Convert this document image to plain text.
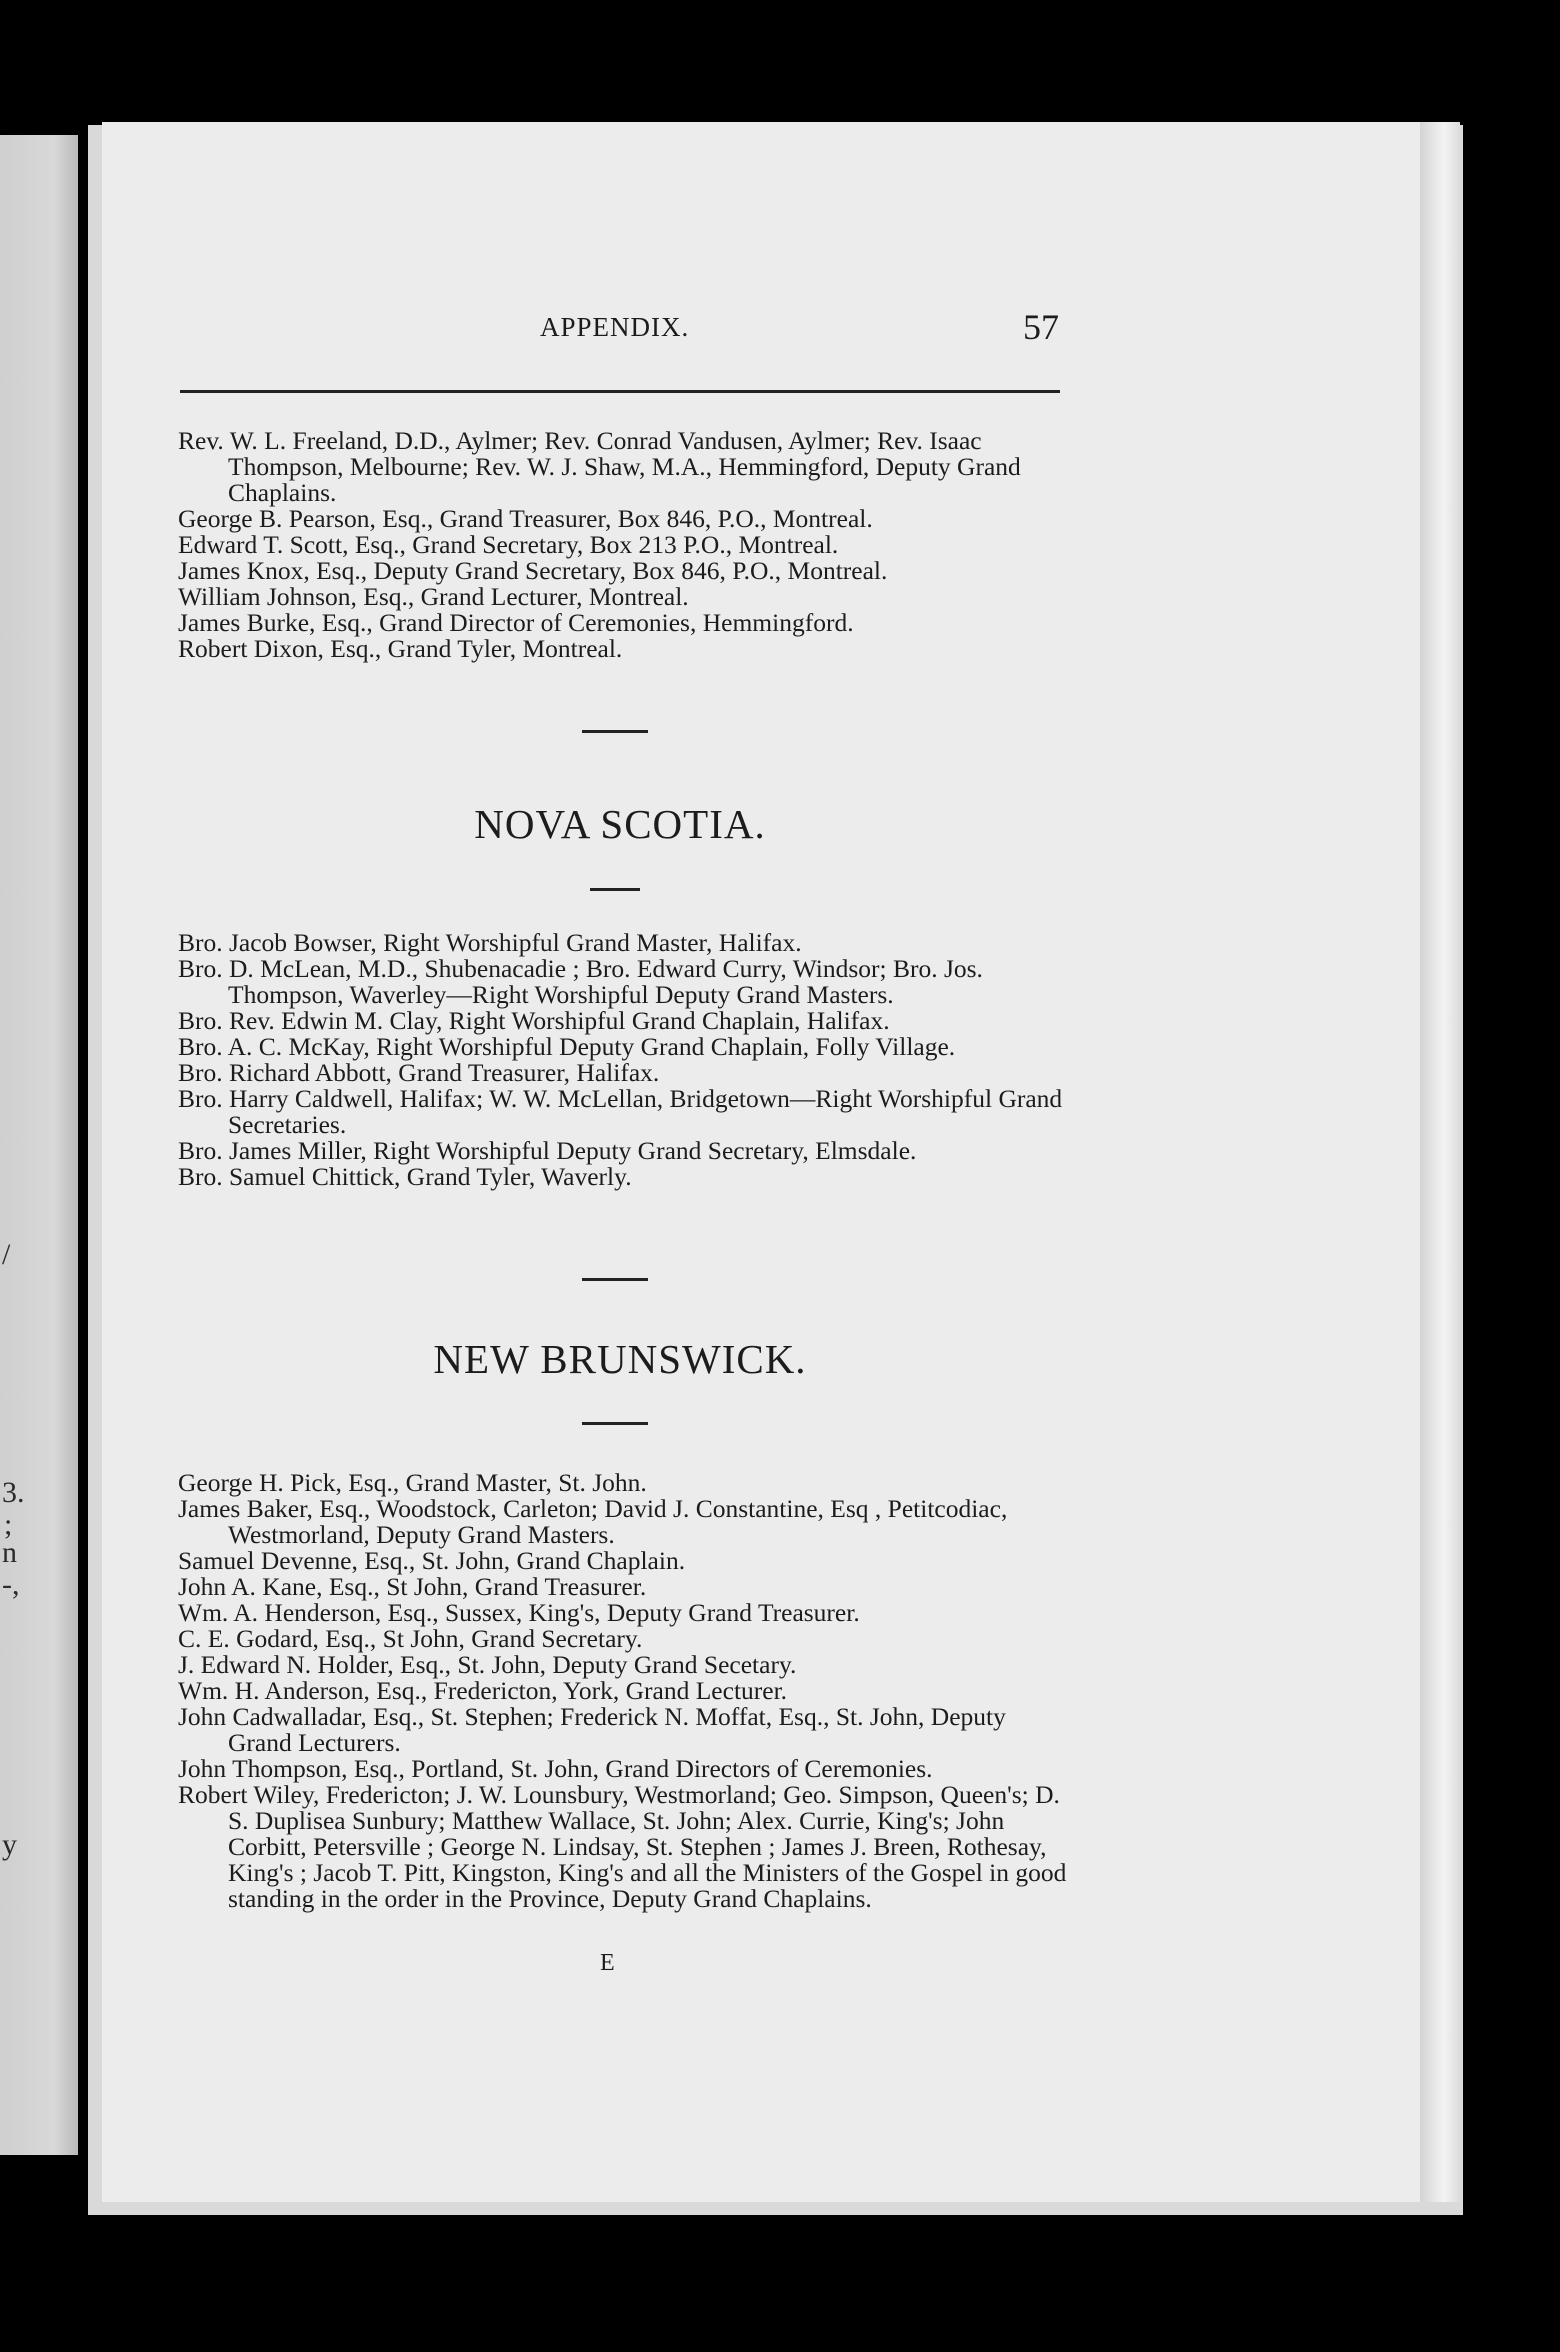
/
3.
;
n
-,
y
APPENDIX.	57

Rev. W. L. Freeland, D.D., Aylmer; Rev. Conrad Vandusen, Aylmer; Rev. Isaac Thompson, Melbourne; Rev. W. J. Shaw, M.A., Hemmingford, Deputy Grand Chaplains.

George B. Pearson, Esq., Grand Treasurer, Box 846, P.O., Montreal.

Edward T. Scott, Esq., Grand Secretary, Box 213 P.O., Montreal.

James Knox, Esq., Deputy Grand Secretary, Box 846, P.O., Montreal.

William Johnson, Esq., Grand Lecturer, Montreal.

James Burke, Esq., Grand Director of Ceremonies, Hemmingford.

Robert Dixon, Esq., Grand Tyler, Montreal.

NOVA SCOTIA.

Bro. Jacob Bowser, Right Worshipful Grand Master, Halifax.

Bro. D. McLean, M.D., Shubenacadie ; Bro. Edward Curry, Windsor; Bro. Jos. Thompson, Waverley—Right Worshipful Deputy Grand Masters.

Bro. Rev. Edwin M. Clay, Right Worshipful Grand Chaplain, Halifax.

Bro. A. C. McKay, Right Worshipful Deputy Grand Chaplain, Folly Village.

Bro. Richard Abbott, Grand Treasurer, Halifax.

Bro. Harry Caldwell, Halifax; W. W. McLellan, Bridgetown—Right Worshipful Grand Secretaries.

Bro. James Miller, Right Worshipful Deputy Grand Secretary, Elmsdale.

Bro. Samuel Chittick, Grand Tyler, Waverly.

NEW BRUNSWICK.

George H. Pick, Esq., Grand Master, St. John.

James Baker, Esq., Woodstock, Carleton; David J. Constantine, Esq , Petitcodiac, Westmorland, Deputy Grand Masters.

Samuel Devenne, Esq., St. John, Grand Chaplain.

John A. Kane, Esq., St John, Grand Treasurer.

Wm. A. Henderson, Esq., Sussex, King's, Deputy Grand Treasurer.

C. E. Godard, Esq., St John, Grand Secretary.

J. Edward N. Holder, Esq., St. John, Deputy Grand Secetary.

Wm. H. Anderson, Esq., Fredericton, York, Grand Lecturer.

John Cadwalladar, Esq., St. Stephen; Frederick N. Moffat, Esq., St. John, Deputy Grand Lecturers.

John Thompson, Esq., Portland, St. John, Grand Directors of Ceremonies.

Robert Wiley, Fredericton; J. W. Lounsbury, Westmorland; Geo. Simpson, Queen's; D. S. Duplisea Sunbury; Matthew Wallace, St. John; Alex. Currie, King's; John Corbitt, Petersville ; George N. Lindsay, St. Stephen ; James J. Breen, Rothesay, King's ; Jacob T. Pitt, Kingston, King's and all the Ministers of the Gospel in good standing in the order in the Province, Deputy Grand Chaplains.

E
